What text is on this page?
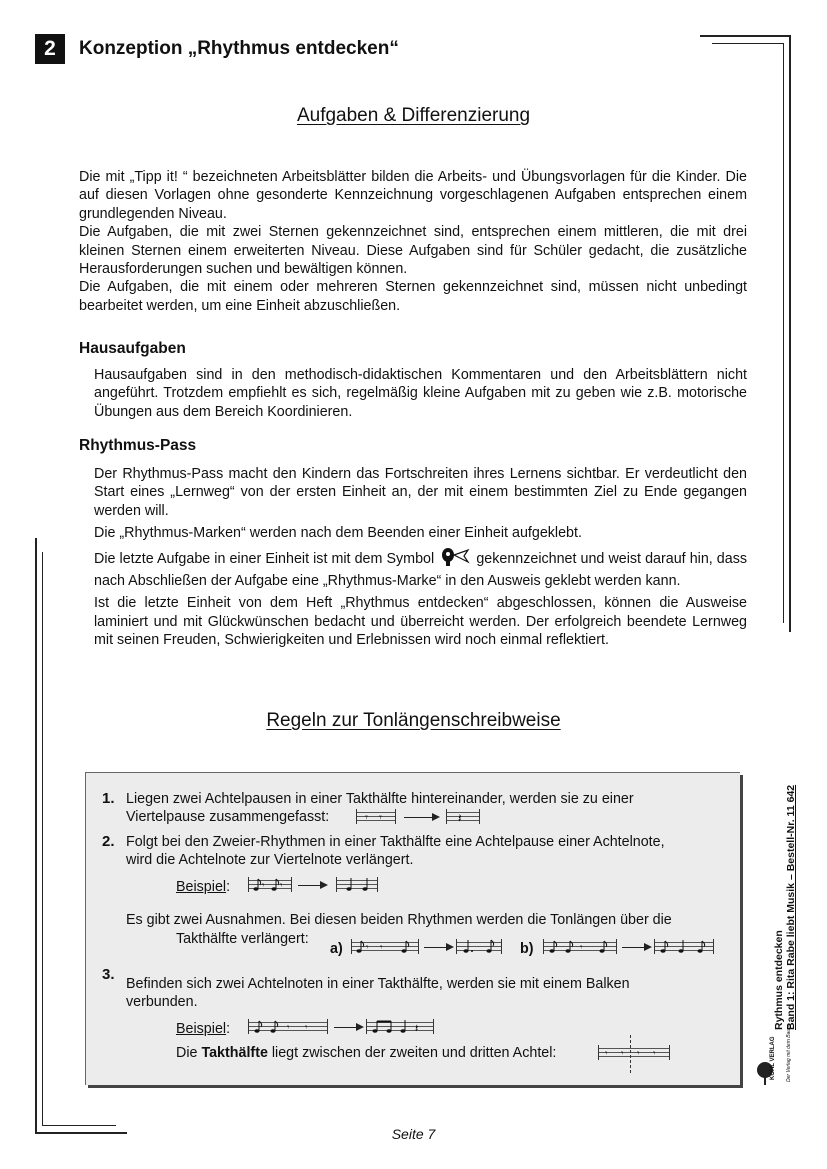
2	Konzeption „Rhythmus entdecken“
Aufgaben & Differenzierung

Die mit „Tipp it! “ bezeichneten Arbeitsblätter bilden die Arbeits- und Übungsvorlagen für die Kinder. Die auf diesen Vorlagen ohne gesonderte Kennzeichnung vorgeschlagenen Aufgaben entsprechen einem grundlegenden Niveau.

Die Aufgaben, die mit zwei Sternen gekennzeichnet sind, entsprechen einem mittleren, die mit drei kleinen Sternen einem erweiterten Niveau. Diese Aufgaben sind für Schüler gedacht, die zusätzliche Herausforderungen suchen und bewältigen können.

Die Aufgaben, die mit einem oder mehreren Sternen gekennzeichnet sind, müssen nicht unbedingt bearbeitet werden, um eine Einheit abzuschließen.

Hausaufgaben

Hausaufgaben sind in den methodisch-didaktischen Kommentaren und den Arbeitsblättern nicht angeführt. Trotzdem empfiehlt es sich, regelmäßig kleine Aufgaben mit zu geben wie z.B. motorische Übungen aus dem Bereich Koordinieren.

Rhythmus-Pass

Der Rhythmus-Pass macht den Kindern das Fortschreiten ihres Lernens sichtbar. Er verdeutlicht den Start eines „Lernweg“ von der ersten Einheit an, der mit einem bestimmten Ziel zu Ende gegangen werden will.

Die „Rhythmus-Marken“ werden nach dem Beenden einer Einheit aufgeklebt.

Die letzte Aufgabe in einer Einheit ist mit dem Symbol	gekennzeichnet und weist darauf hin, dass nach Abschließen der Aufgabe eine „Rhythmus-Marke“ in den Ausweis geklebt werden kann.

Ist die letzte Einheit von dem Heft „Rhythmus entdecken“ abgeschlossen, können die Ausweise laminiert und mit Glückwünschen bedacht und überreicht werden. Der erfolgreich beendete Lernweg mit seinen Freuden, Schwierigkeiten und Erlebnissen wird noch einmal reflektiert.

Regeln zur Tonlängenschreibweise
1. Liegen zwei Achtelpausen in einer Takthälfte hintereinander, werden sie zu einer
Viertelpause zusammengefasst:	𝄾 𝄾	𝄽
2. Folgt bei den Zweier-Rhythmen in einer Takthälfte eine Achtelpause einer Achtelnote,
wird die Achtelnote zur Viertelnote verlängert.
Beispiel:	𝄾 𝄾
Es gibt zwei Ausnahmen. Bei diesen beiden Rhythmen werden die Tonlängen über die
Takthälfte verlängert:
a)	𝄾 𝄾	b)	𝄾
3.
Befinden sich zwei Achtelnoten in einer Takthälfte, werden sie mit einem Balken
verbunden.
Beispiel:	𝄾 𝄾	𝄽
Die Takthälfte liegt zwischen der zweiten und dritten Achtel:	𝄾 𝄾 𝄾 𝄾
Rythmus entdecken Band 1: Rita Rabe liebt Musik – Bestell-Nr. 11 642
KOHL VERLAG Der Verlag mit dem Baum
Seite 7
